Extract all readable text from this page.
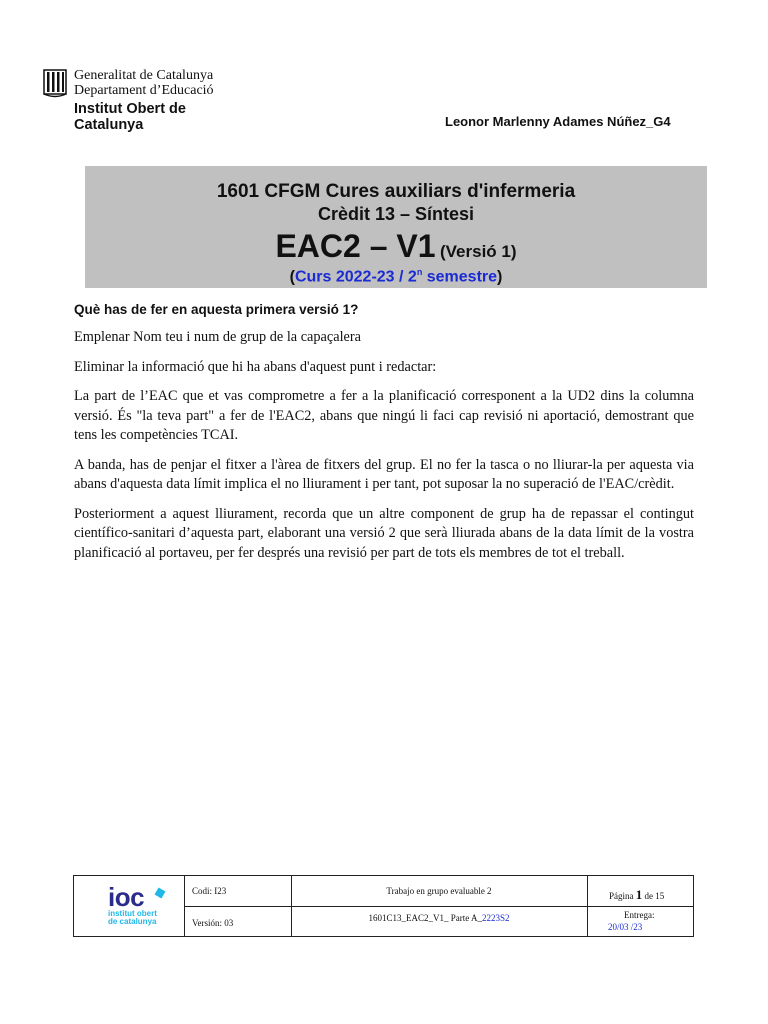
Generalitat de Catalunya
Departament d’Educació
Institut Obert de Catalunya	Leonor Marlenny Adames Núñez_G4
1601 CFGM Cures auxiliars d'infermeria
Crèdit 13 – Síntesi
EAC2 – V1 (Versió 1)
(Curs 2022-23 / 2$^n$ semestre)
Què has de fer en aquesta primera versió 1?

Emplenar Nom teu i num de grup de la capaçalera

Eliminar la informació que hi ha abans d'aquest punt i redactar:

La part de l’EAC que et vas comprometre a fer a la planificació corresponent a la UD2 dins la columna versió. És "la teva part" a fer de l'EAC2, abans que ningú li faci cap revisió ni aportació, demostrant que tens les competències TCAI.

A banda, has de penjar el fitxer a l'àrea de fitxers del grup. El no fer la tasca o no lliurar-la per aquesta via abans d'aquesta data límit implica el no lliurament i per tant, pot suposar la no superació de l'EAC/crèdit.

Posteriorment a aquest lliurament, recorda que un altre component de grup ha de repassar el contingut científico-sanitari d’aquesta part, elaborant una versió 2 que serà lliurada abans de la data límit de la vostra planificació al portaveu, per fer després una revisió per part de tots els membres de tot el treball.

ioc
institut obert
de catalunya
Codi: I23
Versión: 03
Trabajo en grupo evaluable 2
1601C13_EAC2_V1_ Parte A_2223S2
Página 1 de 15
Entrega:
20/03 /23
